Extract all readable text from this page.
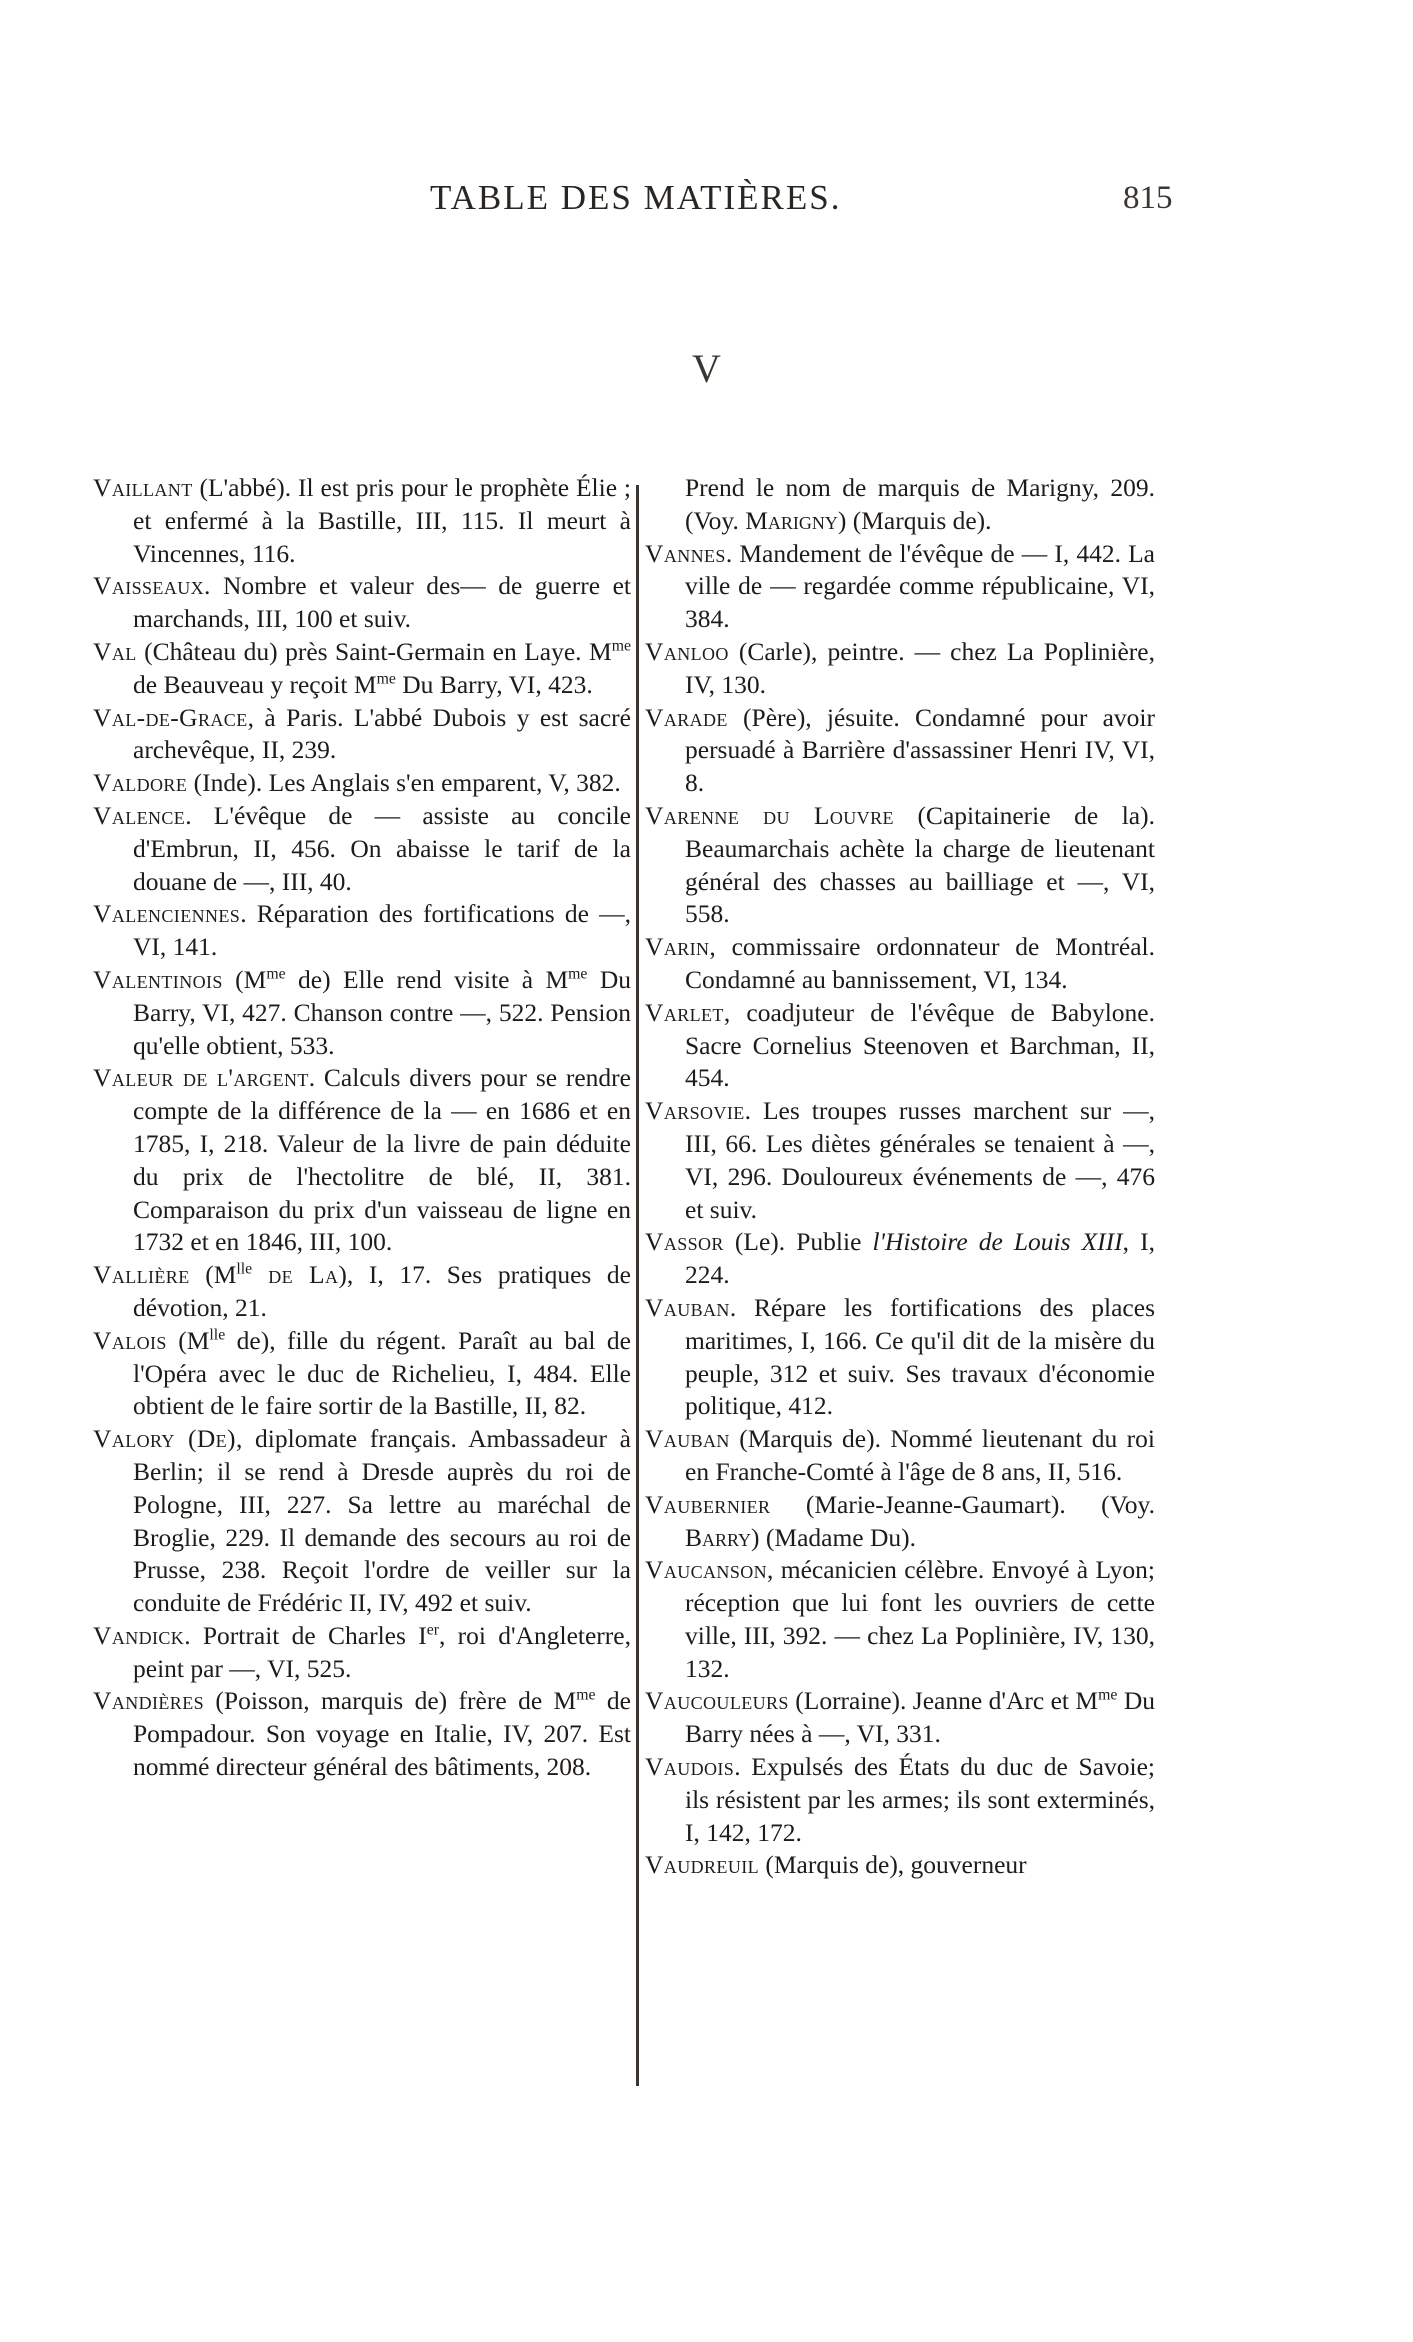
TABLE DES MATIÈRES.	815
V

Vaillant (L'abbé). Il est pris pour le prophète Élie ; et enfermé à la Bastille, III, 115. Il meurt à Vincennes, 116.

Vaisseaux. Nombre et valeur des— de guerre et marchands, III, 100 et suiv.

Val (Château du) près Saint-Germain en Laye. $M^{me}$ de Beauveau y reçoit $M^{me}$ Du Barry, VI, 423.

Val-de-Grace, à Paris. L'abbé Dubois y est sacré archevêque, II, 239.

Valdore (Inde). Les Anglais s'en emparent, V, 382.

Valence. L'évêque de — assiste au concile d'Embrun, II, 456. On abaisse le tarif de la douane de —, III, 40.

Valenciennes. Réparation des fortifications de —, VI, 141.

Valentinois ($M^{me}$ de) Elle rend visite à $M^{me}$ Du Barry, VI, 427. Chanson contre —, 522. Pension qu'elle obtient, 533.

Valeur de l'argent. Calculs divers pour se rendre compte de la différence de la — en 1686 et en 1785, I, 218. Valeur de la livre de pain déduite du prix de l'hectolitre de blé, II, 381. Comparaison du prix d'un vaisseau de ligne en 1732 et en 1846, III, 100.

Vallière ($M^{lle}$ de La), I, 17. Ses pratiques de dévotion, 21.

Valois ($M^{lle}$ de), fille du régent. Paraît au bal de l'Opéra avec le duc de Richelieu, I, 484. Elle obtient de le faire sortir de la Bastille, II, 82.

Valory (De), diplomate français. Ambassadeur à Berlin; il se rend à Dresde auprès du roi de Pologne, III, 227. Sa lettre au maréchal de Broglie, 229. Il demande des secours au roi de Prusse, 238. Reçoit l'ordre de veiller sur la conduite de Frédéric II, IV, 492 et suiv.

Vandick. Portrait de Charles Ier, roi d'Angleterre, peint par —, VI, 525.

Vandières (Poisson, marquis de) frère de $M^{me}$ de Pompadour. Son voyage en Italie, IV, 207. Est nommé directeur général des bâtiments, 208.

Prend le nom de marquis de Marigny, 209. (Voy. Marigny) (Marquis de).

Vannes. Mandement de l'évêque de — I, 442. La ville de — regardée comme républicaine, VI, 384.

Vanloo (Carle), peintre. — chez La Poplinière, IV, 130.

Varade (Père), jésuite. Condamné pour avoir persuadé à Barrière d'assassiner Henri IV, VI, 8.

Varenne du Louvre (Capitainerie de la). Beaumarchais achète la charge de lieutenant général des chasses au bailliage et —, VI, 558.

Varin, commissaire ordonnateur de Montréal. Condamné au bannissement, VI, 134.

Varlet, coadjuteur de l'évêque de Babylone. Sacre Cornelius Steenoven et Barchman, II, 454.

Varsovie. Les troupes russes marchent sur —, III, 66. Les diètes générales se tenaient à —, VI, 296. Douloureux événements de —, 476 et suiv.

Vassor (Le). Publie l'Histoire de Louis XIII, I, 224.

Vauban. Répare les fortifications des places maritimes, I, 166. Ce qu'il dit de la misère du peuple, 312 et suiv. Ses travaux d'économie politique, 412.

Vauban (Marquis de). Nommé lieutenant du roi en Franche-Comté à l'âge de 8 ans, II, 516.

Vaubernier (Marie-Jeanne-Gaumart). (Voy. Barry) (Madame Du).

Vaucanson, mécanicien célèbre. Envoyé à Lyon; réception que lui font les ouvriers de cette ville, III, 392. — chez La Poplinière, IV, 130, 132.

Vaucouleurs (Lorraine). Jeanne d'Arc et $M^{me}$ Du Barry nées à —, VI, 331.

Vaudois. Expulsés des États du duc de Savoie; ils résistent par les armes; ils sont exterminés, I, 142, 172.

Vaudreuil (Marquis de), gouverneur
